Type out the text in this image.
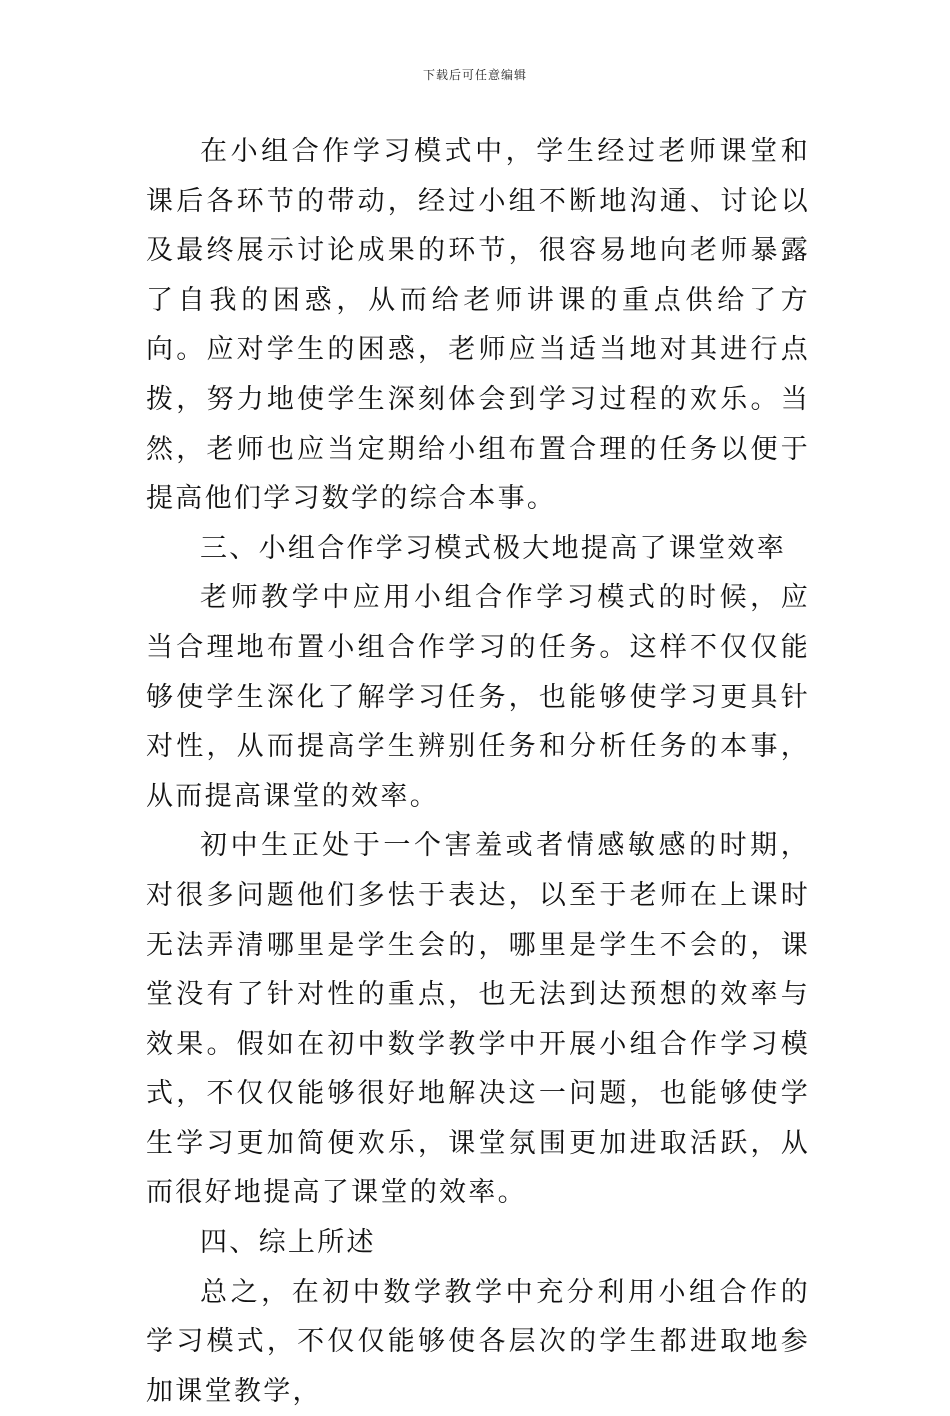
下载后可任意编辑

在小组合作学习模式中，学生经过老师课堂和课后各环节的带动，经过小组不断地沟通、讨论以及最终展示讨论成果的环节，很容易地向老师暴露了自我的困惑，从而给老师讲课的重点供给了方向。应对学生的困惑，老师应当适当地对其进行点拨，努力地使学生深刻体会到学习过程的欢乐。当然，老师也应当定期给小组布置合理的任务以便于提高他们学习数学的综合本事。

三、小组合作学习模式极大地提高了课堂效率

老师教学中应用小组合作学习模式的时候，应当合理地布置小组合作学习的任务。这样不仅仅能够使学生深化了解学习任务，也能够使学习更具针对性，从而提高学生辨别任务和分析任务的本事，从而提高课堂的效率。

初中生正处于一个害羞或者情感敏感的时期，对很多问题他们多怯于表达，以至于老师在上课时无法弄清哪里是学生会的，哪里是学生不会的，课堂没有了针对性的重点，也无法到达预想的效率与效果。假如在初中数学教学中开展小组合作学习模式，不仅仅能够很好地解决这一问题，也能够使学生学习更加简便欢乐，课堂氛围更加进取活跃，从而很好地提高了课堂的效率。

四、综上所述

总之，在初中数学教学中充分利用小组合作的学习模式，不仅仅能够使各层次的学生都进取地参加课堂教学，
